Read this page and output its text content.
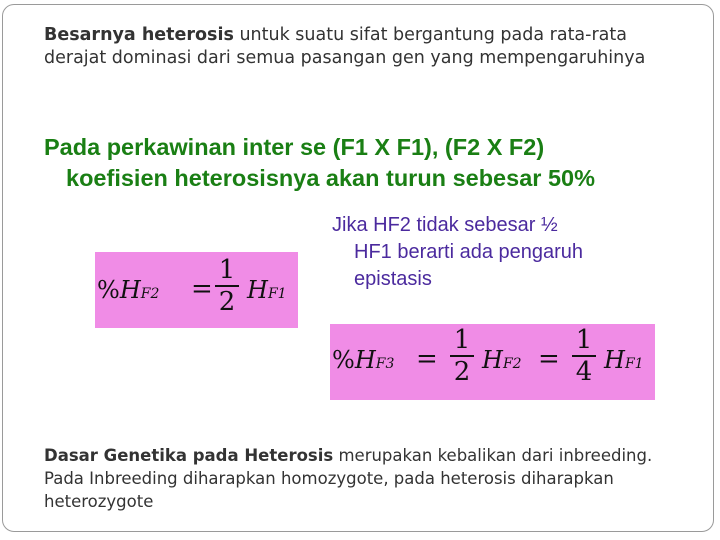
Besarnya heterosis untuk suatu sifat bergantung pada rata-rata derajat dominasi dari semua pasangan gen yang mempengaruhinya
Pada perkawinan inter se (F1 X F1), (F2 X F2)
koefisien heterosisnya akan turun sebesar 50%
Jika HF2 tidak sebesar ½
HF1 berarti ada pengaruh
epistasis
%HF2 =
1
2 HF1
%HF3 =
1
2 HF2 =
1
4 HF1
Dasar Genetika pada Heterosis merupakan kebalikan dari inbreeding. Pada Inbreeding diharapkan homozygote, pada heterosis diharapkan heterozygote
